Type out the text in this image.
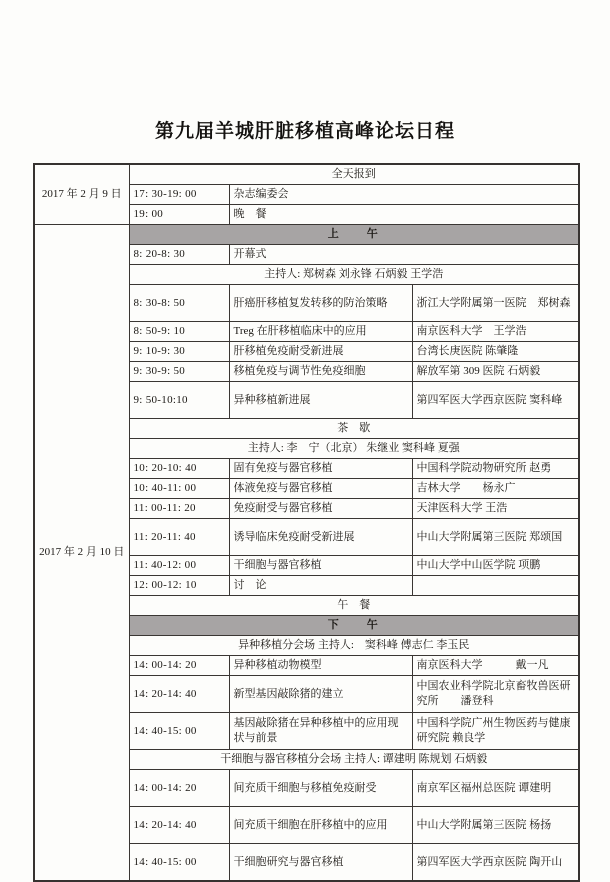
第九届羊城肝脏移植高峰论坛日程
2017 年 2 月 9 日	全天报到		
	17: 30-19: 00	杂志编委会	
	19: 00	晚　餐	
2017 年 2 月 10 日	上　　午		
	8: 20-8: 30	开幕式	
	主持人: 郑树森 刘永锋 石炳毅 王学浩		
	8: 30-8: 50	肝癌肝移植复发转移的防治策略	浙江大学附属第一医院　郑树森
	8: 50-9: 10	Treg 在肝移植临床中的应用	南京医科大学　王学浩
	9: 10-9: 30	肝移植免疫耐受新进展	台湾长庚医院 陈肇隆
	9: 30-9: 50	移植免疫与调节性免疫细胞	解放军第 309 医院 石炳毅
	9: 50-10:10	异种移植新进展	第四军医大学西京医院 窦科峰
	茶　歇		
	主持人: 李　宁（北京） 朱继业 窦科峰 夏强		
	10: 20-10: 40	固有免疫与器官移植	中国科学院动物研究所 赵勇
	10: 40-11: 00	体液免疫与器官移植	吉林大学　　杨永广
	11: 00-11: 20	免疫耐受与器官移植	天津医科大学 王浩
	11: 20-11: 40	诱导临床免疫耐受新进展	中山大学附属第三医院 郑颂国
	11: 40-12: 00	干细胞与器官移植	中山大学中山医学院 项鹏
	12: 00-12: 10	讨　论	
	午　餐		
	下　　午		
	异种移植分会场 主持人:　窦科峰 傅志仁 李玉民		
	14: 00-14: 20	异种移植动物模型	南京医科大学　　　戴一凡
	14: 20-14: 40	新型基因敲除猪的建立	中国农业科学院北京畜牧兽医研究所　　潘登科
	14: 40-15: 00	基因敲除猪在异种移植中的应用现状与前景	中国科学院广州生物医药与健康研究院 赖良学
	干细胞与器官移植分会场 主持人: 谭建明 陈规划 石炳毅		
	14: 00-14: 20	间充质干细胞与移植免疫耐受	南京军区福州总医院 谭建明
	14: 20-14: 40	间充质干细胞在肝移植中的应用	中山大学附属第三医院 杨扬
	14: 40-15: 00	干细胞研究与器官移植	第四军医大学西京医院 陶开山
